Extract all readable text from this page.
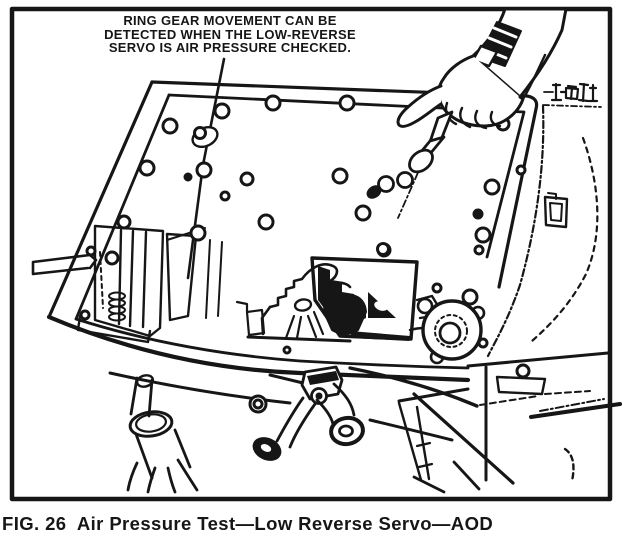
RING GEAR MOVEMENT CAN BE
DETECTED WHEN THE LOW-REVERSE
SERVO IS AIR PRESSURE CHECKED.
FIG. 26  Air Pressure Test—Low Reverse Servo—AOD
